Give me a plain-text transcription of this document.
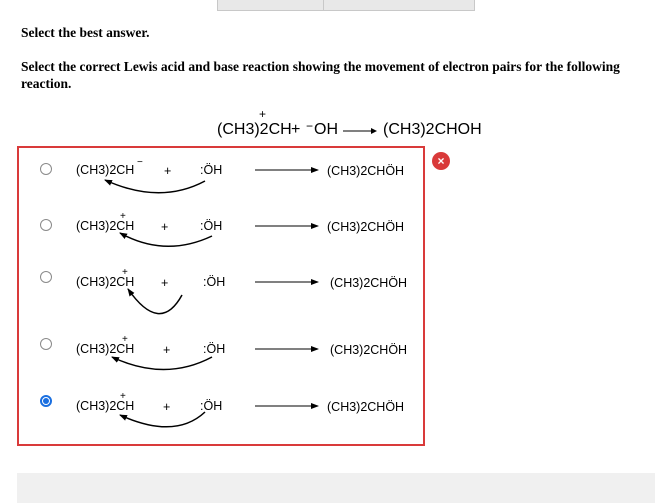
Select the best answer.
Select the correct Lewis acid and base reaction showing the movement of electron pairs for the following reaction.
+
(CH3)2CH + − OH → (CH3)2CHOH
(CH3)2CH
−
+ :ÖH	(CH3)2CHÖH
(CH3)2CH
+
+	:ÖH	(CH3)2CHÖH
(CH3)2CH
+
+	:ÖH	(CH3)2CHÖH
(CH3)2CH
+
+	:ÖH	(CH3)2CHÖH
(CH3)2CH
+
+ :ÖH	(CH3)2CHÖH
×
